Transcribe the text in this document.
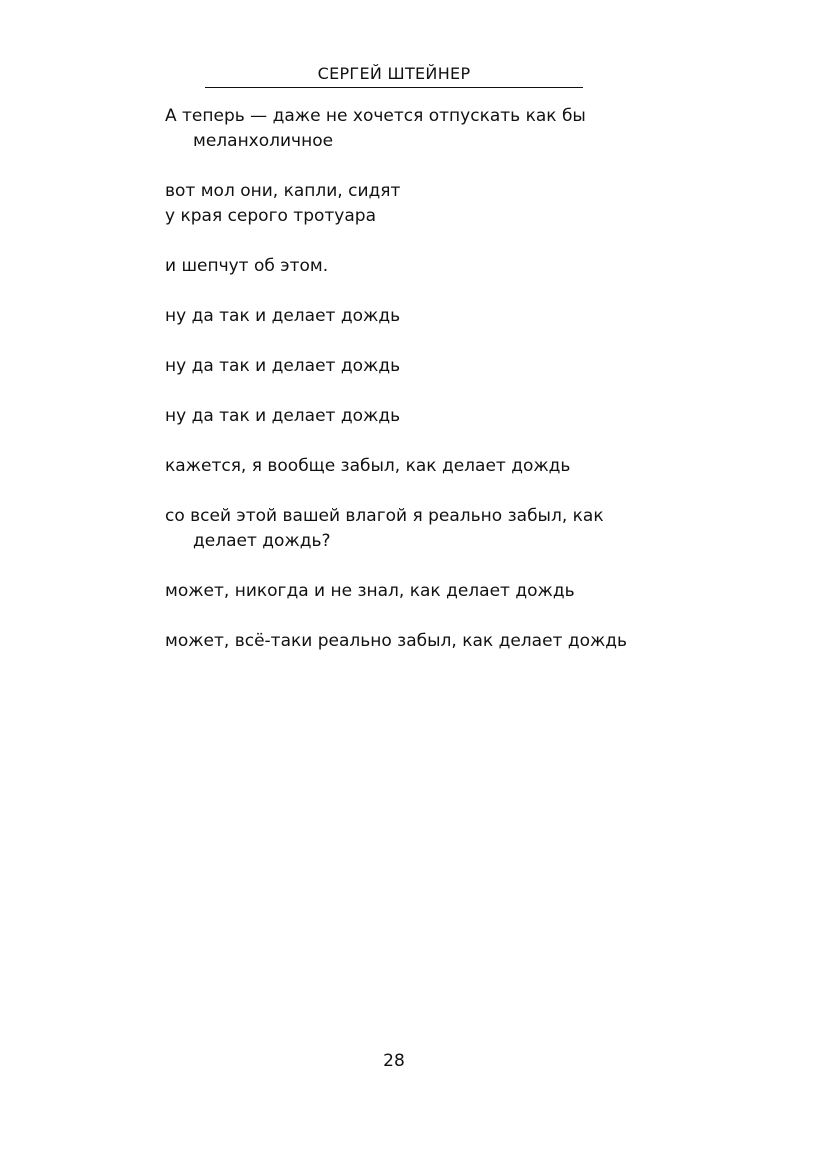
СЕРГЕЙ ШТЕЙНЕР
А теперь — даже не хочется отпускать как бы меланхоличное
вот мол они, капли, сидят
у края серого тротуара
и шепчут об этом.
ну да так и делает дождь
ну да так и делает дождь
ну да так и делает дождь
кажется, я вообще забыл, как делает дождь
со всей этой вашей влагой я реально забыл, как делает дождь?
может, никогда и не знал, как делает дождь
может, всё-таки реально забыл, как делает дождь
28
